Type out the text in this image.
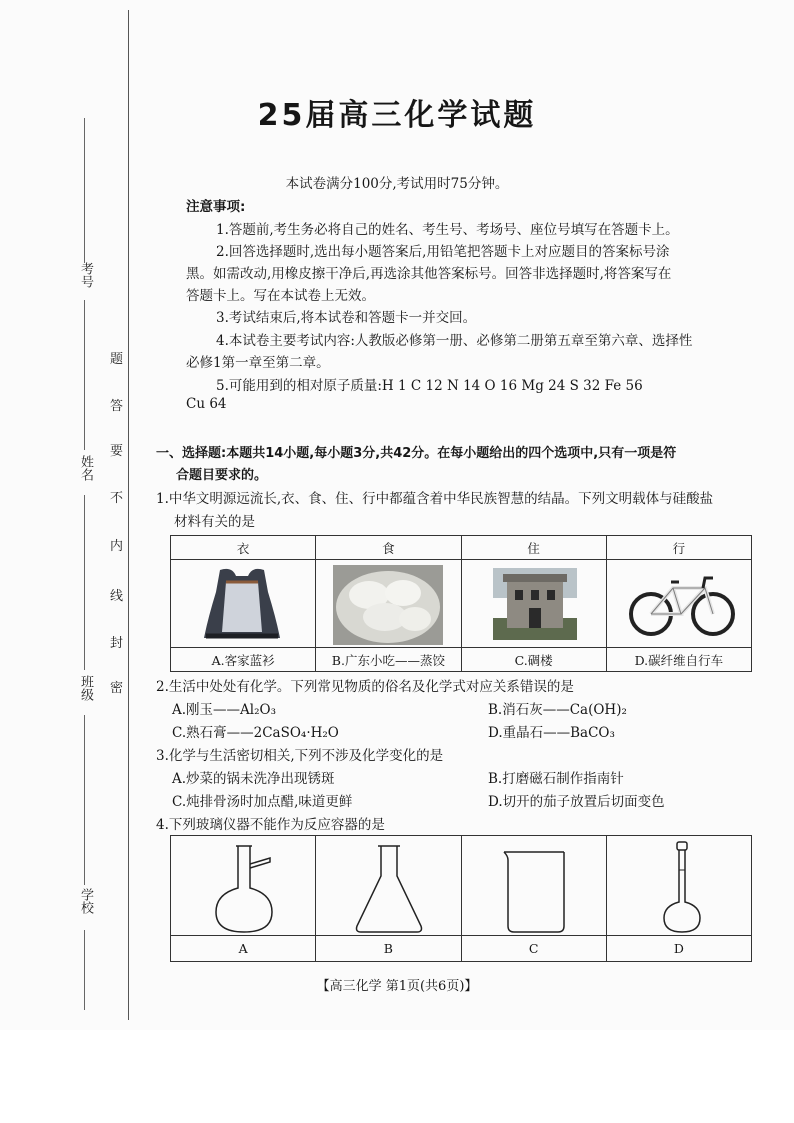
考号
姓名
班级
学校
题
答
要
不
内
线
封
密
25届高三化学试题
本试卷满分100分,考试用时75分钟。
注意事项:
1.答题前,考生务必将自己的姓名、考生号、考场号、座位号填写在答题卡上。
2.回答选择题时,选出每小题答案后,用铅笔把答题卡上对应题目的答案标号涂
黑。如需改动,用橡皮擦干净后,再选涂其他答案标号。回答非选择题时,将答案写在
答题卡上。写在本试卷上无效。
3.考试结束后,将本试卷和答题卡一并交回。
4.本试卷主要考试内容:人教版必修第一册、必修第二册第五章至第六章、选择性
必修1第一章至第二章。
5.可能用到的相对原子质量:H 1 C 12 N 14 O 16 Mg 24 S 32 Fe 56
Cu 64
一、选择题:本题共14小题,每小题3分,共42分。在每小题给出的四个选项中,只有一项是符
合题目要求的。
1.中华文明源远流长,衣、食、住、行中都蕴含着中华民族智慧的结晶。下列文明载体与硅酸盐
材料有关的是
衣	食	住	行

A.客家蓝衫	B.广东小吃——蒸饺	C.碉楼	D.碳纤维自行车
2.生活中处处有化学。下列常见物质的俗名及化学式对应关系错误的是
A.刚玉——Al₂O₃	B.消石灰——Ca(OH)₂
C.熟石膏——2CaSO₄·H₂O	D.重晶石——BaCO₃
3.化学与生活密切相关,下列不涉及化学变化的是
A.炒菜的锅未洗净出现锈斑	B.打磨磁石制作指南针
C.炖排骨汤时加点醋,味道更鲜	D.切开的茄子放置后切面变色
4.下列玻璃仪器不能作为反应容器的是

A	B	C	D
【高三化学 第1页(共6页)】
